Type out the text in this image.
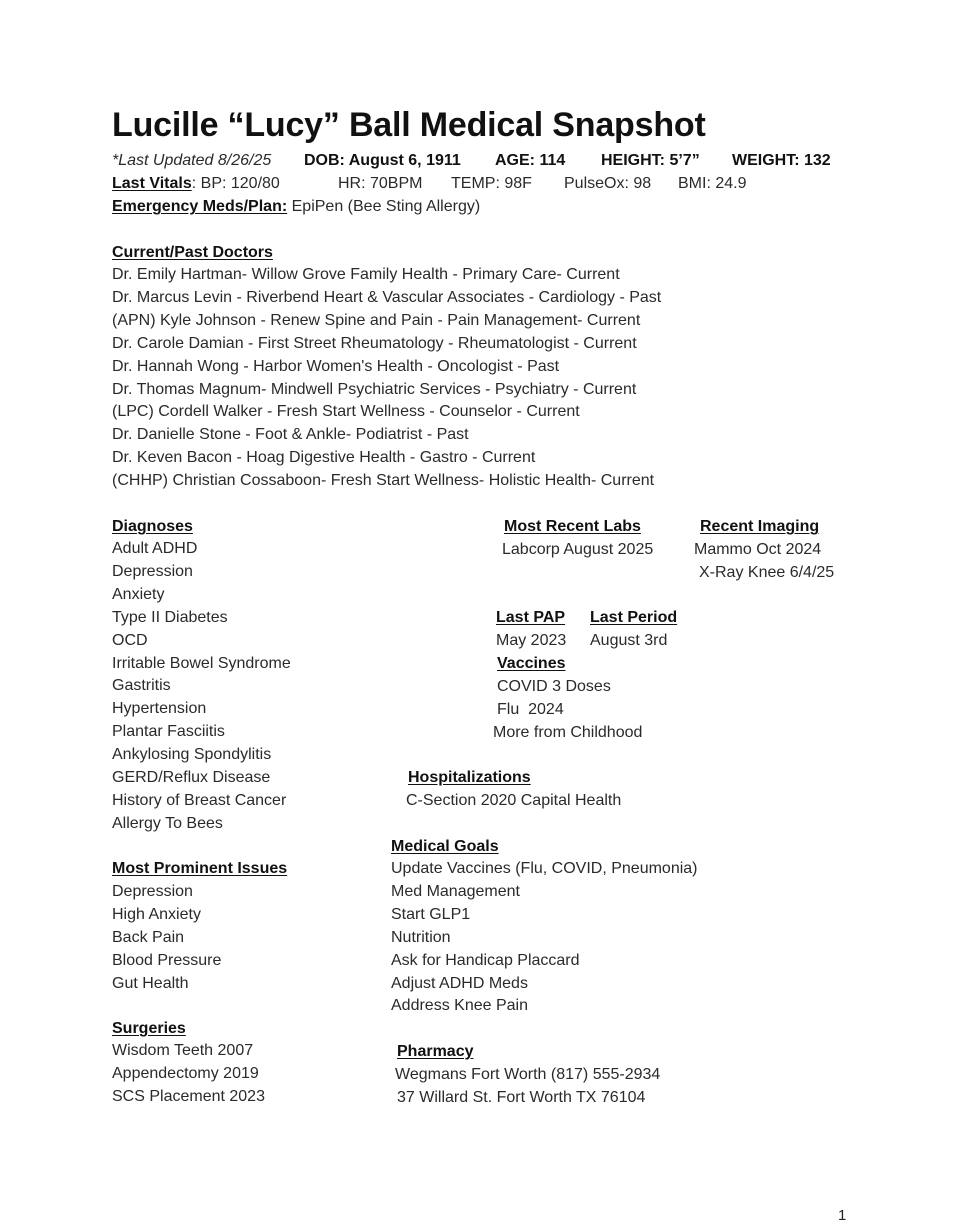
Lucille “Lucy” Ball Medical Snapshot
*Last Updated 8/26/25 DOB: August 6, 1911 AGE: 114 HEIGHT: 5’7” WEIGHT: 132
Last Vitals: BP: 120/80	HR: 70BPM TEMP: 98F PulseOx: 98 BMI: 24.9
Emergency Meds/Plan: EpiPen (Bee Sting Allergy)
Current/Past Doctors
Dr. Emily Hartman- Willow Grove Family Health - Primary Care- Current
Dr. Marcus Levin - Riverbend Heart & Vascular Associates - Cardiology - Past
(APN) Kyle Johnson - Renew Spine and Pain - Pain Management- Current
Dr. Carole Damian - First Street Rheumatology - Rheumatologist - Current
Dr. Hannah Wong - Harbor Women's Health - Oncologist - Past
Dr. Thomas Magnum- Mindwell Psychiatric Services - Psychiatry - Current
(LPC) Cordell Walker - Fresh Start Wellness - Counselor - Current
Dr. Danielle Stone - Foot & Ankle- Podiatrist - Past
Dr. Keven Bacon - Hoag Digestive Health - Gastro - Current
(CHHP) Christian Cossaboon- Fresh Start Wellness- Holistic Health- Current
Diagnoses
Adult ADHD
Depression
Anxiety
Type II Diabetes
OCD
Irritable Bowel Syndrome
Gastritis
Hypertension
Plantar Fasciitis
Ankylosing Spondylitis
GERD/Reflux Disease
History of Breast Cancer
Allergy To Bees
Most Prominent Issues
Depression
High Anxiety
Back Pain
Blood Pressure
Gut Health
Surgeries
Wisdom Teeth 2007
Appendectomy 2019
SCS Placement 2023
Most Recent Labs
Labcorp August 2025
Recent Imaging
Mammo Oct 2024
X-Ray Knee 6/4/25
Last PAP
May 2023
Last Period
August 3rd
Vaccines
COVID 3 Doses
Flu  2024
More from Childhood
Hospitalizations
C-Section 2020 Capital Health
Medical Goals
Update Vaccines (Flu, COVID, Pneumonia)
Med Management
Start GLP1
Nutrition
Ask for Handicap Placcard
Adjust ADHD Meds
Address Knee Pain
Pharmacy
Wegmans Fort Worth (817) 555-2934
37 Willard St. Fort Worth TX 76104
1
